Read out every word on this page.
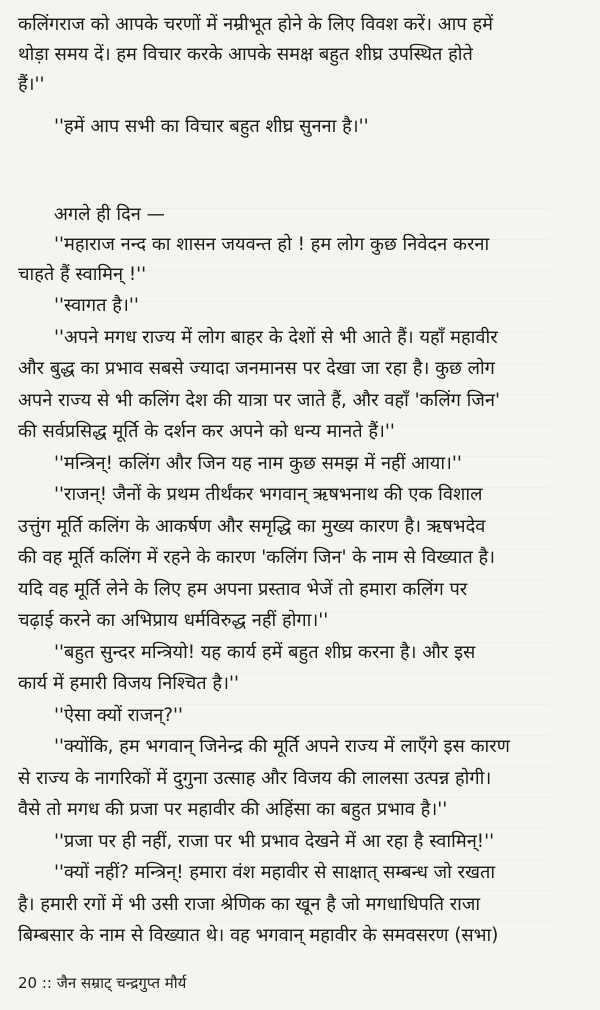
कलिंगराज को आपके चरणों में नम्रीभूत होने के लिए विवश करें। आप हमें
थोड़ा समय दें। हम विचार करके आपके समक्ष बहुत शीघ्र उपस्थित होते
हैं।''
''हमें आप सभी का विचार बहुत शीघ्र सुनना है।''
अगले ही दिन —
''महाराज नन्द का शासन जयवन्त हो ! हम लोग कुछ निवेदन करना
चाहते हैं स्वामिन् !''
''स्वागत है।''
''अपने मगध राज्य में लोग बाहर के देशों से भी आते हैं। यहाँ महावीर
और बुद्ध का प्रभाव सबसे ज्यादा जनमानस पर देखा जा रहा है। कुछ लोग
अपने राज्य से भी कलिंग देश की यात्रा पर जाते हैं, और वहाँ 'कलिंग जिन'
की सर्वप्रसिद्ध मूर्ति के दर्शन कर अपने को धन्य मानते हैं।''
''मन्त्रिन्! कलिंग और जिन यह नाम कुछ समझ में नहीं आया।''
''राजन्! जैनों के प्रथम तीर्थंकर भगवान् ऋषभनाथ की एक विशाल
उत्तुंग मूर्ति कलिंग के आकर्षण और समृद्धि का मुख्य कारण है। ऋषभदेव
की वह मूर्ति कलिंग में रहने के कारण 'कलिंग जिन' के नाम से विख्यात है।
यदि वह मूर्ति लेने के लिए हम अपना प्रस्ताव भेजें तो हमारा कलिंग पर
चढ़ाई करने का अभिप्राय धर्मविरुद्ध नहीं होगा।''
''बहुत सुन्दर मन्त्रियो! यह कार्य हमें बहुत शीघ्र करना है। और इस
कार्य में हमारी विजय निश्चित है।''
''ऐसा क्यों राजन्?''
''क्योंकि, हम भगवान् जिनेन्द्र की मूर्ति अपने राज्य में लाएँगे इस कारण
से राज्य के नागरिकों में दुगुना उत्साह और विजय की लालसा उत्पन्न होगी।
वैसे तो मगध की प्रजा पर महावीर की अहिंसा का बहुत प्रभाव है।''
''प्रजा पर ही नहीं, राजा पर भी प्रभाव देखने में आ रहा है स्वामिन्!''
''क्यों नहीं? मन्त्रिन्! हमारा वंश महावीर से साक्षात् सम्बन्ध जो रखता
है। हमारी रगों में भी उसी राजा श्रेणिक का खून है जो मगधाधिपति राजा
बिम्बसार के नाम से विख्यात थे। वह भगवान् महावीर के समवसरण (सभा)
20 :: जैन सम्राट् चन्द्रगुप्त मौर्य
